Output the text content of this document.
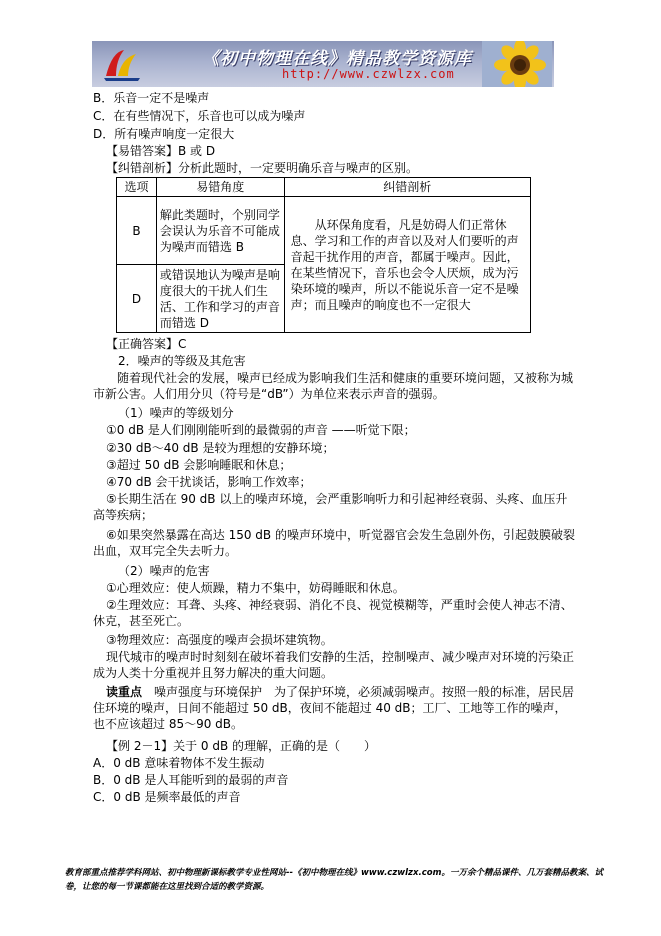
《初中物理在线》精品教学资源库
http://www.czwlzx.com
B．乐音一定不是噪声
C．在有些情况下，乐音也可以成为噪声
D．所有噪声响度一定很大
【易错答案】B 或 D
【纠错剖析】分析此题时，一定要明确乐音与噪声的区别。
选项	易错角度	纠错剖析
B	解此类题时，个别同学会误认为乐音不可能成为噪声而错选 B	从环保角度看，凡是妨碍人们正常休息、学习和工作的声音以及对人们要听的声音起干扰作用的声音，都属于噪声。因此，在某些情况下，音乐也会令人厌烦，成为污染环境的噪声，所以不能说乐音一定不是噪声；而且噪声的响度也不一定很大
D	或错误地认为噪声是响度很大的干扰人们生活、工作和学习的声音而错选 D	
【正确答案】C
2．噪声的等级及其危害
随着现代社会的发展，噪声已经成为影响我们生活和健康的重要环境问题，又被称为城市新公害。人们用分贝（符号是“dB”）为单位来表示声音的强弱。
（1）噪声的等级划分
①0 dB 是人们刚刚能听到的最微弱的声音 ——听觉下限；
②30 dB～40 dB 是较为理想的安静环境；
③超过 50 dB 会影响睡眠和休息；
④70 dB 会干扰谈话，影响工作效率；
⑤长期生活在 90 dB 以上的噪声环境，会严重影响听力和引起神经衰弱、头疼、血压升高等疾病；
⑥如果突然暴露在高达 150 dB 的噪声环境中，听觉器官会发生急剧外伤，引起鼓膜破裂出血，双耳完全失去听力。
（2）噪声的危害
①心理效应：使人烦躁，精力不集中，妨碍睡眠和休息。
②生理效应：耳聋、头疼、神经衰弱、消化不良、视觉模糊等，严重时会使人神志不清、休克，甚至死亡。
③物理效应：高强度的噪声会损坏建筑物。
现代城市的噪声时时刻刻在破坏着我们安静的生活，控制噪声、减少噪声对环境的污染正成为人类十分重视并且努力解决的重大问题。
读重点　 噪声强度与环境保护　为了保护环境，必须减弱噪声。按照一般的标准，居民居住环境的噪声，日间不能超过 50 dB，夜间不能超过 40 dB；工厂、工地等工作的噪声，也不应该超过 85～90 dB。
【例 2－1】关于 0 dB 的理解，正确的是（　　）
A．0 dB 意味着物体不发生振动
B．0 dB 是人耳能听到的最弱的声音
C．0 dB 是频率最低的声音
教育部重点推荐学科网站、初中物理新课标教学专业性网站--《初中物理在线》www.czwlzx.com。一万余个精品课件、几万套精品教案、试卷，让您的每一节课都能在这里找到合适的教学资源。
